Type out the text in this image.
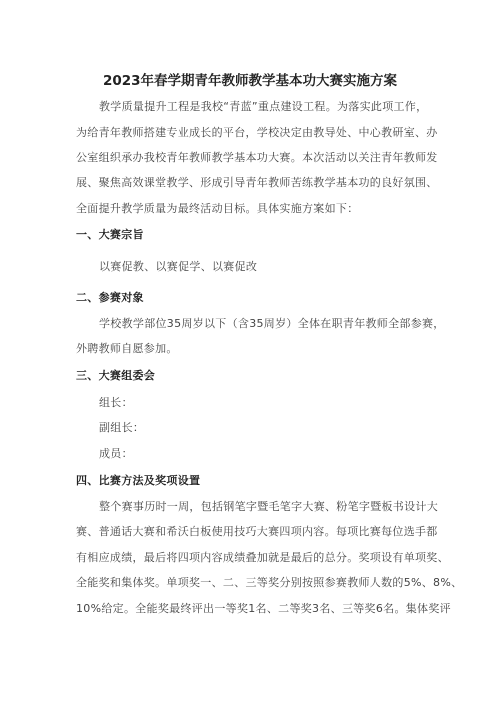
2023年春学期青年教师教学基本功大赛实施方案
教学质量提升工程是我校“青蓝”重点建设工程。为落实此项工作，
为给青年教师搭建专业成长的平台，学校决定由教导处、中心教研室、办
公室组织承办我校青年教师教学基本功大赛。本次活动以关注青年教师发
展、聚焦高效课堂教学、形成引导青年教师苦练教学基本功的良好氛围、
全面提升教学质量为最终活动目标。具体实施方案如下：
一、大赛宗旨
以赛促教、以赛促学、以赛促改
二、参赛对象
学校教学部位35周岁以下（含35周岁）全体在职青年教师全部参赛，
外聘教师自愿参加。
三、大赛组委会
组长：
副组长：
成员：
四、比赛方法及奖项设置
整个赛事历时一周，包括钢笔字暨毛笔字大赛、粉笔字暨板书设计大
赛、普通话大赛和希沃白板使用技巧大赛四项内容。每项比赛每位选手都
有相应成绩，最后将四项内容成绩叠加就是最后的总分。奖项设有单项奖、
全能奖和集体奖。单项奖一、二、三等奖分别按照参赛教师人数的5%、8%、
10%给定。全能奖最终评出一等奖1名、二等奖3名、三等奖6名。集体奖评
